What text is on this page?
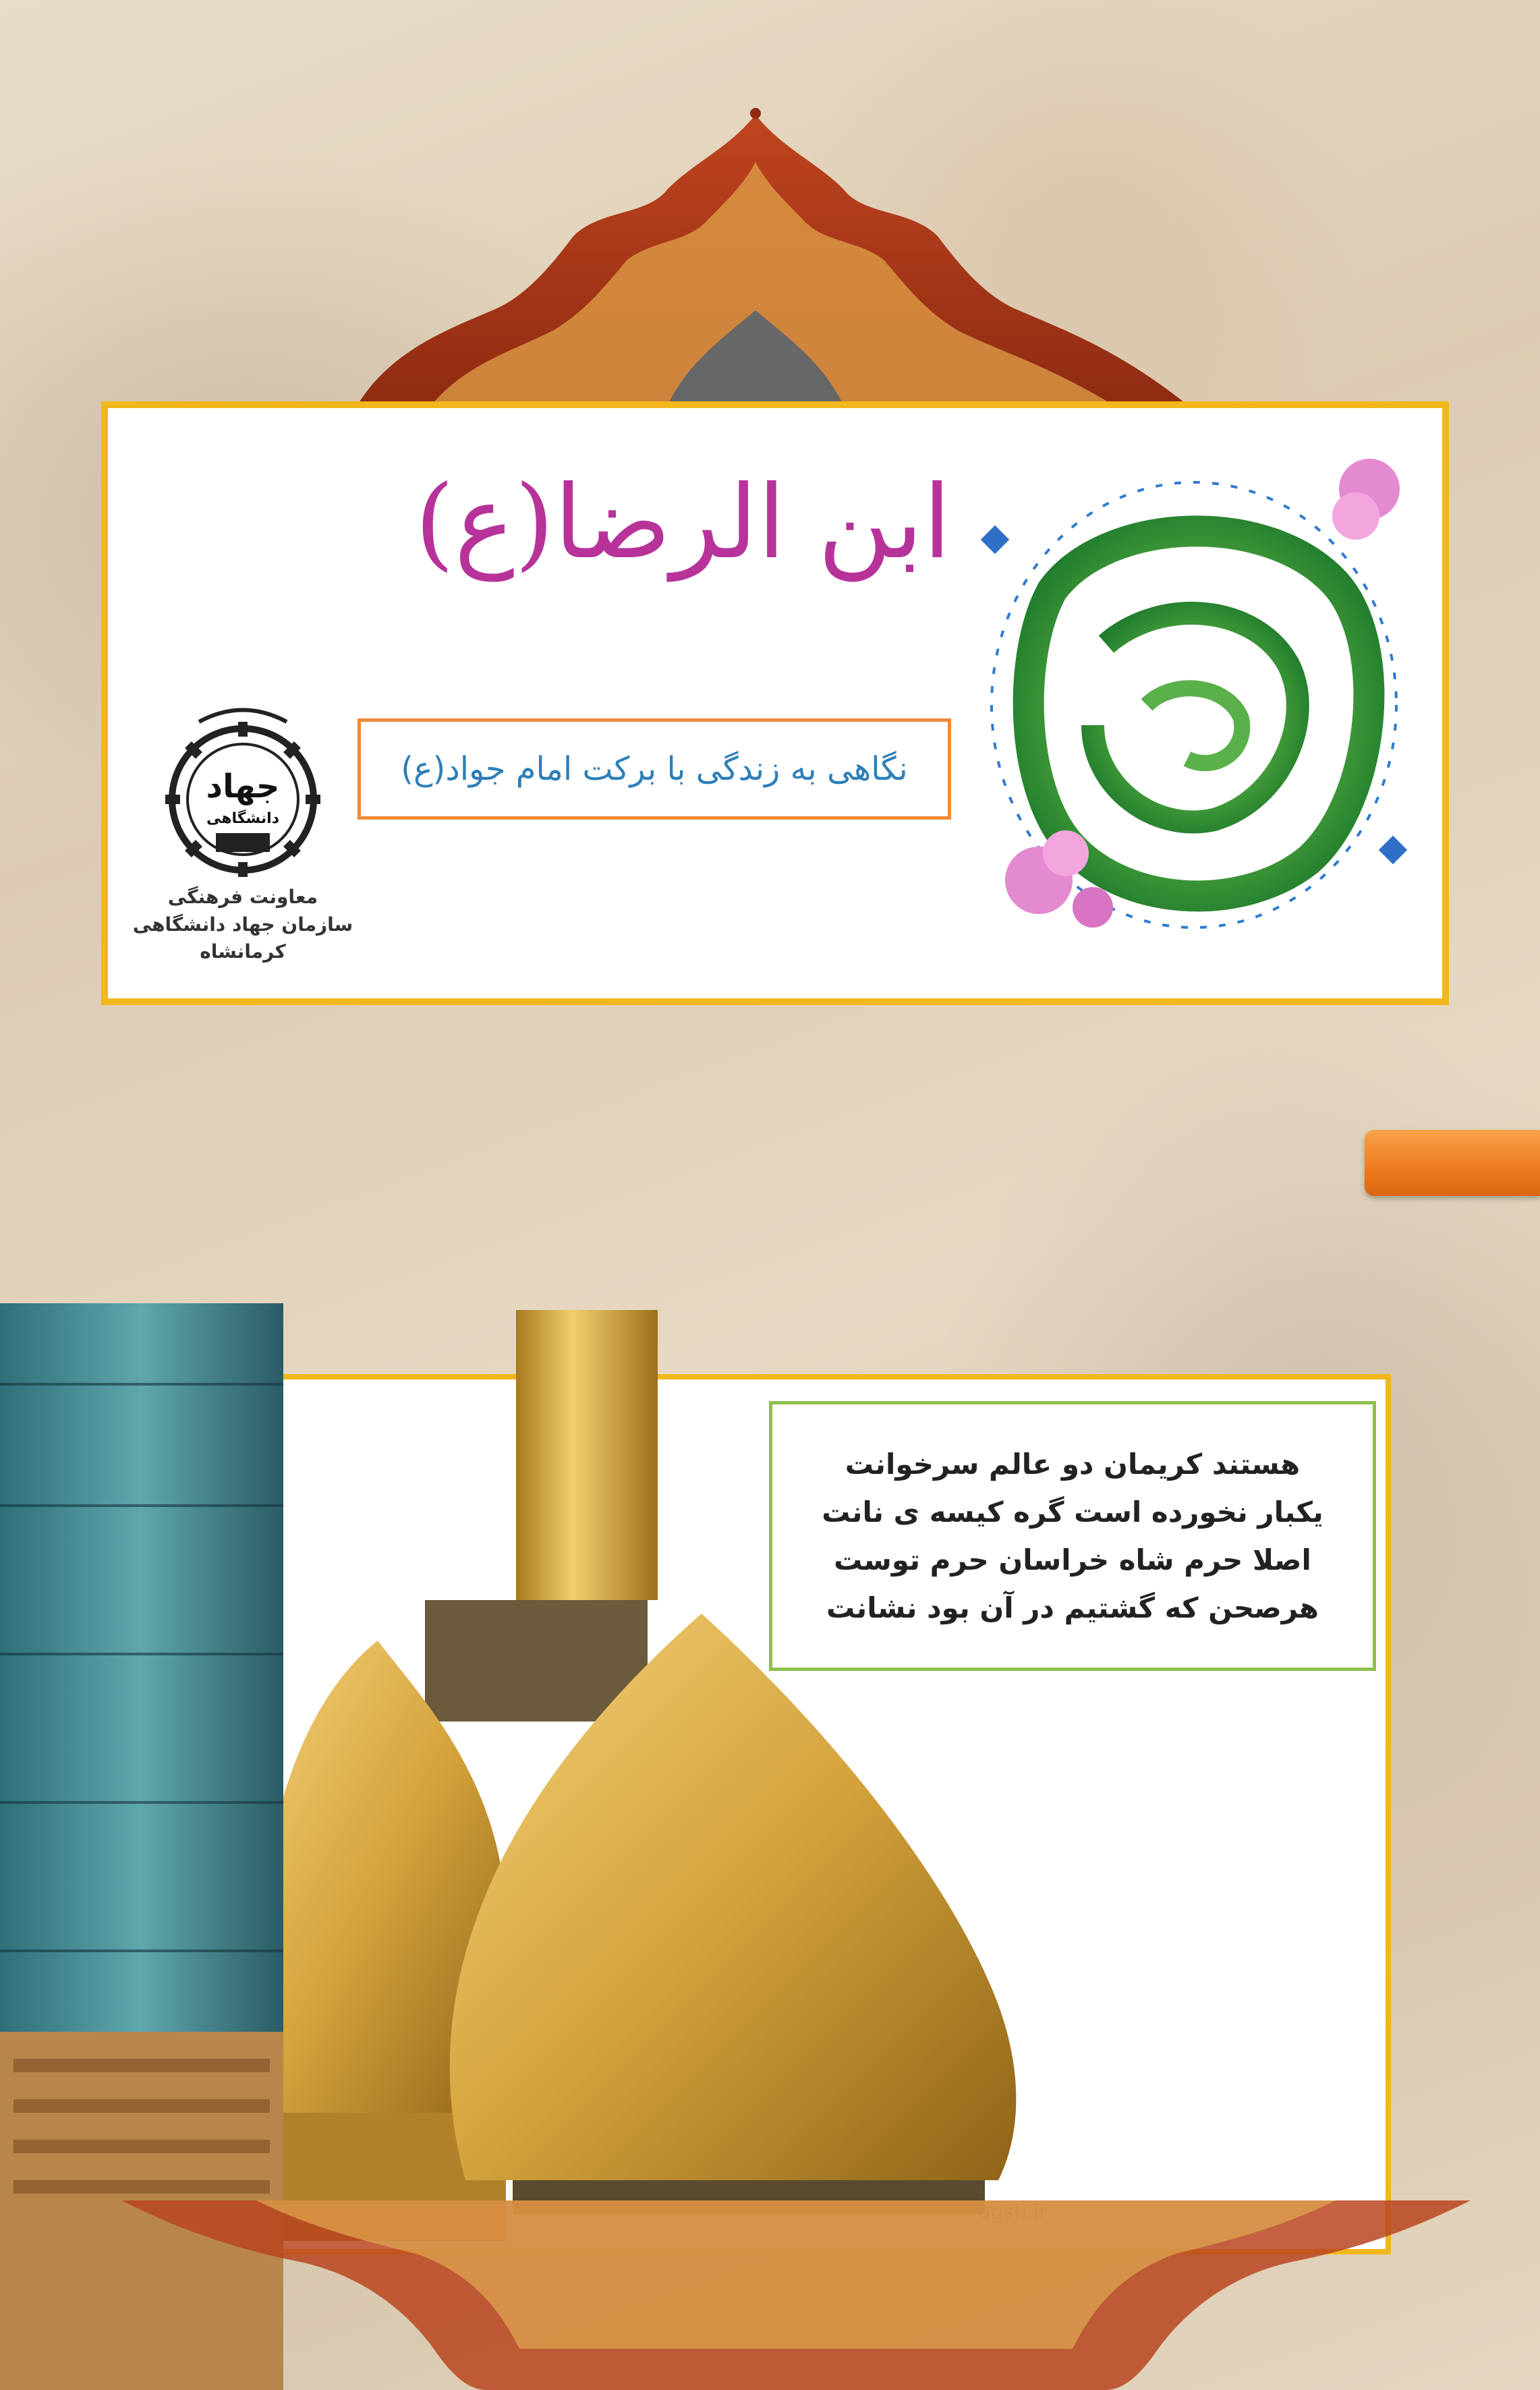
ابن الرضا(ع)
نگاهی به زندگی با برکت امام جواد(ع)
جهاد
دانشگاهی
معاونت فرهنگی
سازمان جهاد دانشگاهی کرمانشاه
هستند کریمان دو عالم سرخوانت
یکبار نخورده است گره کیسه ی نانت
اصلا حرم شاه خراسان حرم توست
هرصحن که گشتیم در آن بود نشانت
